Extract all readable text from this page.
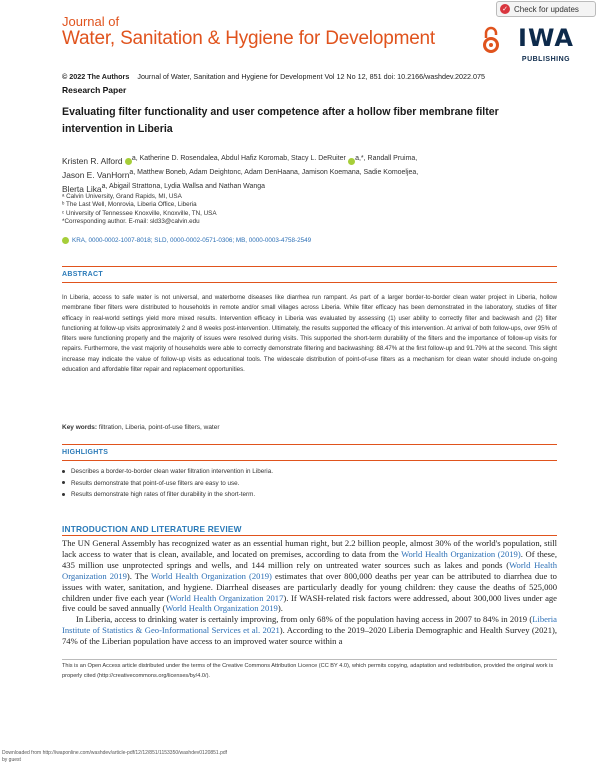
Journal of
Water, Sanitation & Hygiene for Development
✓ Check for updates
IWA
PUBLISHING
© 2022 The Authors Journal of Water, Sanitation and Hygiene for Development Vol 12 No 12, 851 doi: 10.2166/washdev.2022.075
Research Paper
Evaluating filter functionality and user competence after a hollow fiber membrane filter intervention in Liberia
Kristen R. Alford $^{a, Katherine D. Rosendalea, Abdul Hafiz Koromab, Stacy L. DeRuiter}$ $^{a,*, Randall Pruima,}$
Jason E. VanHorn$^{a, Matthew Boneb, Adam Deightonc, Adam DenHaana, Jamison Koemana, Sadie Komoeljea,}$
Blerta Lika$^{a, Abigail Strattona, Lydia Wallsa and Nathan Wanga}$
ᵃ Calvin University, Grand Rapids, MI, USA
ᵇ The Last Well, Monrovia, Liberia Office, Liberia
ᶜ University of Tennessee Knoxville, Knoxville, TN, USA
*Corresponding author. E-mail: sld33@calvin.edu
KRA, 0000-0002-1007-8018; SLD, 0000-0002-0571-0306; MB, 0000-0003-4758-2549
ABSTRACT
In Liberia, access to safe water is not universal, and waterborne diseases like diarrhea run rampant. As part of a larger border-to-border clean water project in Liberia, hollow membrane fiber filters were distributed to households in remote and/or small villages across Liberia. While filter efficacy has been demonstrated in the laboratory, studies of filter efficacy in real-world settings yield more mixed results. Intervention efficacy in Liberia was evaluated by assessing (1) user ability to correctly filter and backwash and (2) filter functioning at follow-up visits approximately 2 and 8 weeks post-intervention. Ultimately, the results supported the efficacy of this intervention. At arrival of both follow-ups, over 95% of filters were functioning properly and the majority of issues were resolved during visits. This supported the short-term durability of the filters and the importance of follow-up visits for repairs. Furthermore, the vast majority of households were able to correctly demonstrate filtering and backwashing: 88.47% at the first follow-up and 91.79% at the second. This slight increase may indicate the value of follow-up visits as educational tools. The widescale distribution of point-of-use filters as a mechanism for clean water should include on-going education and affordable filter repair and replacement opportunities.
Key words: filtration, Liberia, point-of-use filters, water
HIGHLIGHTS
Describes a border-to-border clean water filtration intervention in Liberia.
Results demonstrate that point-of-use filters are easy to use.
Results demonstrate high rates of filter durability in the short-term.
INTRODUCTION AND LITERATURE REVIEW

The UN General Assembly has recognized water as an essential human right, but 2.2 billion people, almost 30% of the world's population, still lack access to water that is clean, available, and located on premises, according to data from the World Health Organization (2019). Of these, 435 million use unprotected springs and wells, and 144 million rely on untreated water sources such as lakes and ponds (World Health Organization 2019). The World Health Organization (2019) estimates that over 800,000 deaths per year can be attributed to diarrhea due to issues with water, sanitation, and hygiene. Diarrheal diseases are particularly deadly for young children: they cause the deaths of 525,000 children under five each year (World Health Organization 2017). If WASH-related risk factors were addressed, about 300,000 lives under age five could be saved annually (World Health Organization 2019).

In Liberia, access to drinking water is certainly improving, from only 68% of the population having access in 2007 to 84% in 2019 (Liberia Institute of Statistics & Geo-Informational Services et al. 2021). According to the 2019–2020 Liberia Demographic and Health Survey (2021), 74% of the Liberian population have access to an improved water source within a

This is an Open Access article distributed under the terms of the Creative Commons Attribution Licence (CC BY 4.0), which permits copying, adaptation and redistribution, provided the original work is properly cited (http://creativecommons.org/licenses/by/4.0/).
Downloaded from http://iwaponline.com/washdev/article-pdf/12/12/851/1153350/washdev0120851.pdf
by guest
